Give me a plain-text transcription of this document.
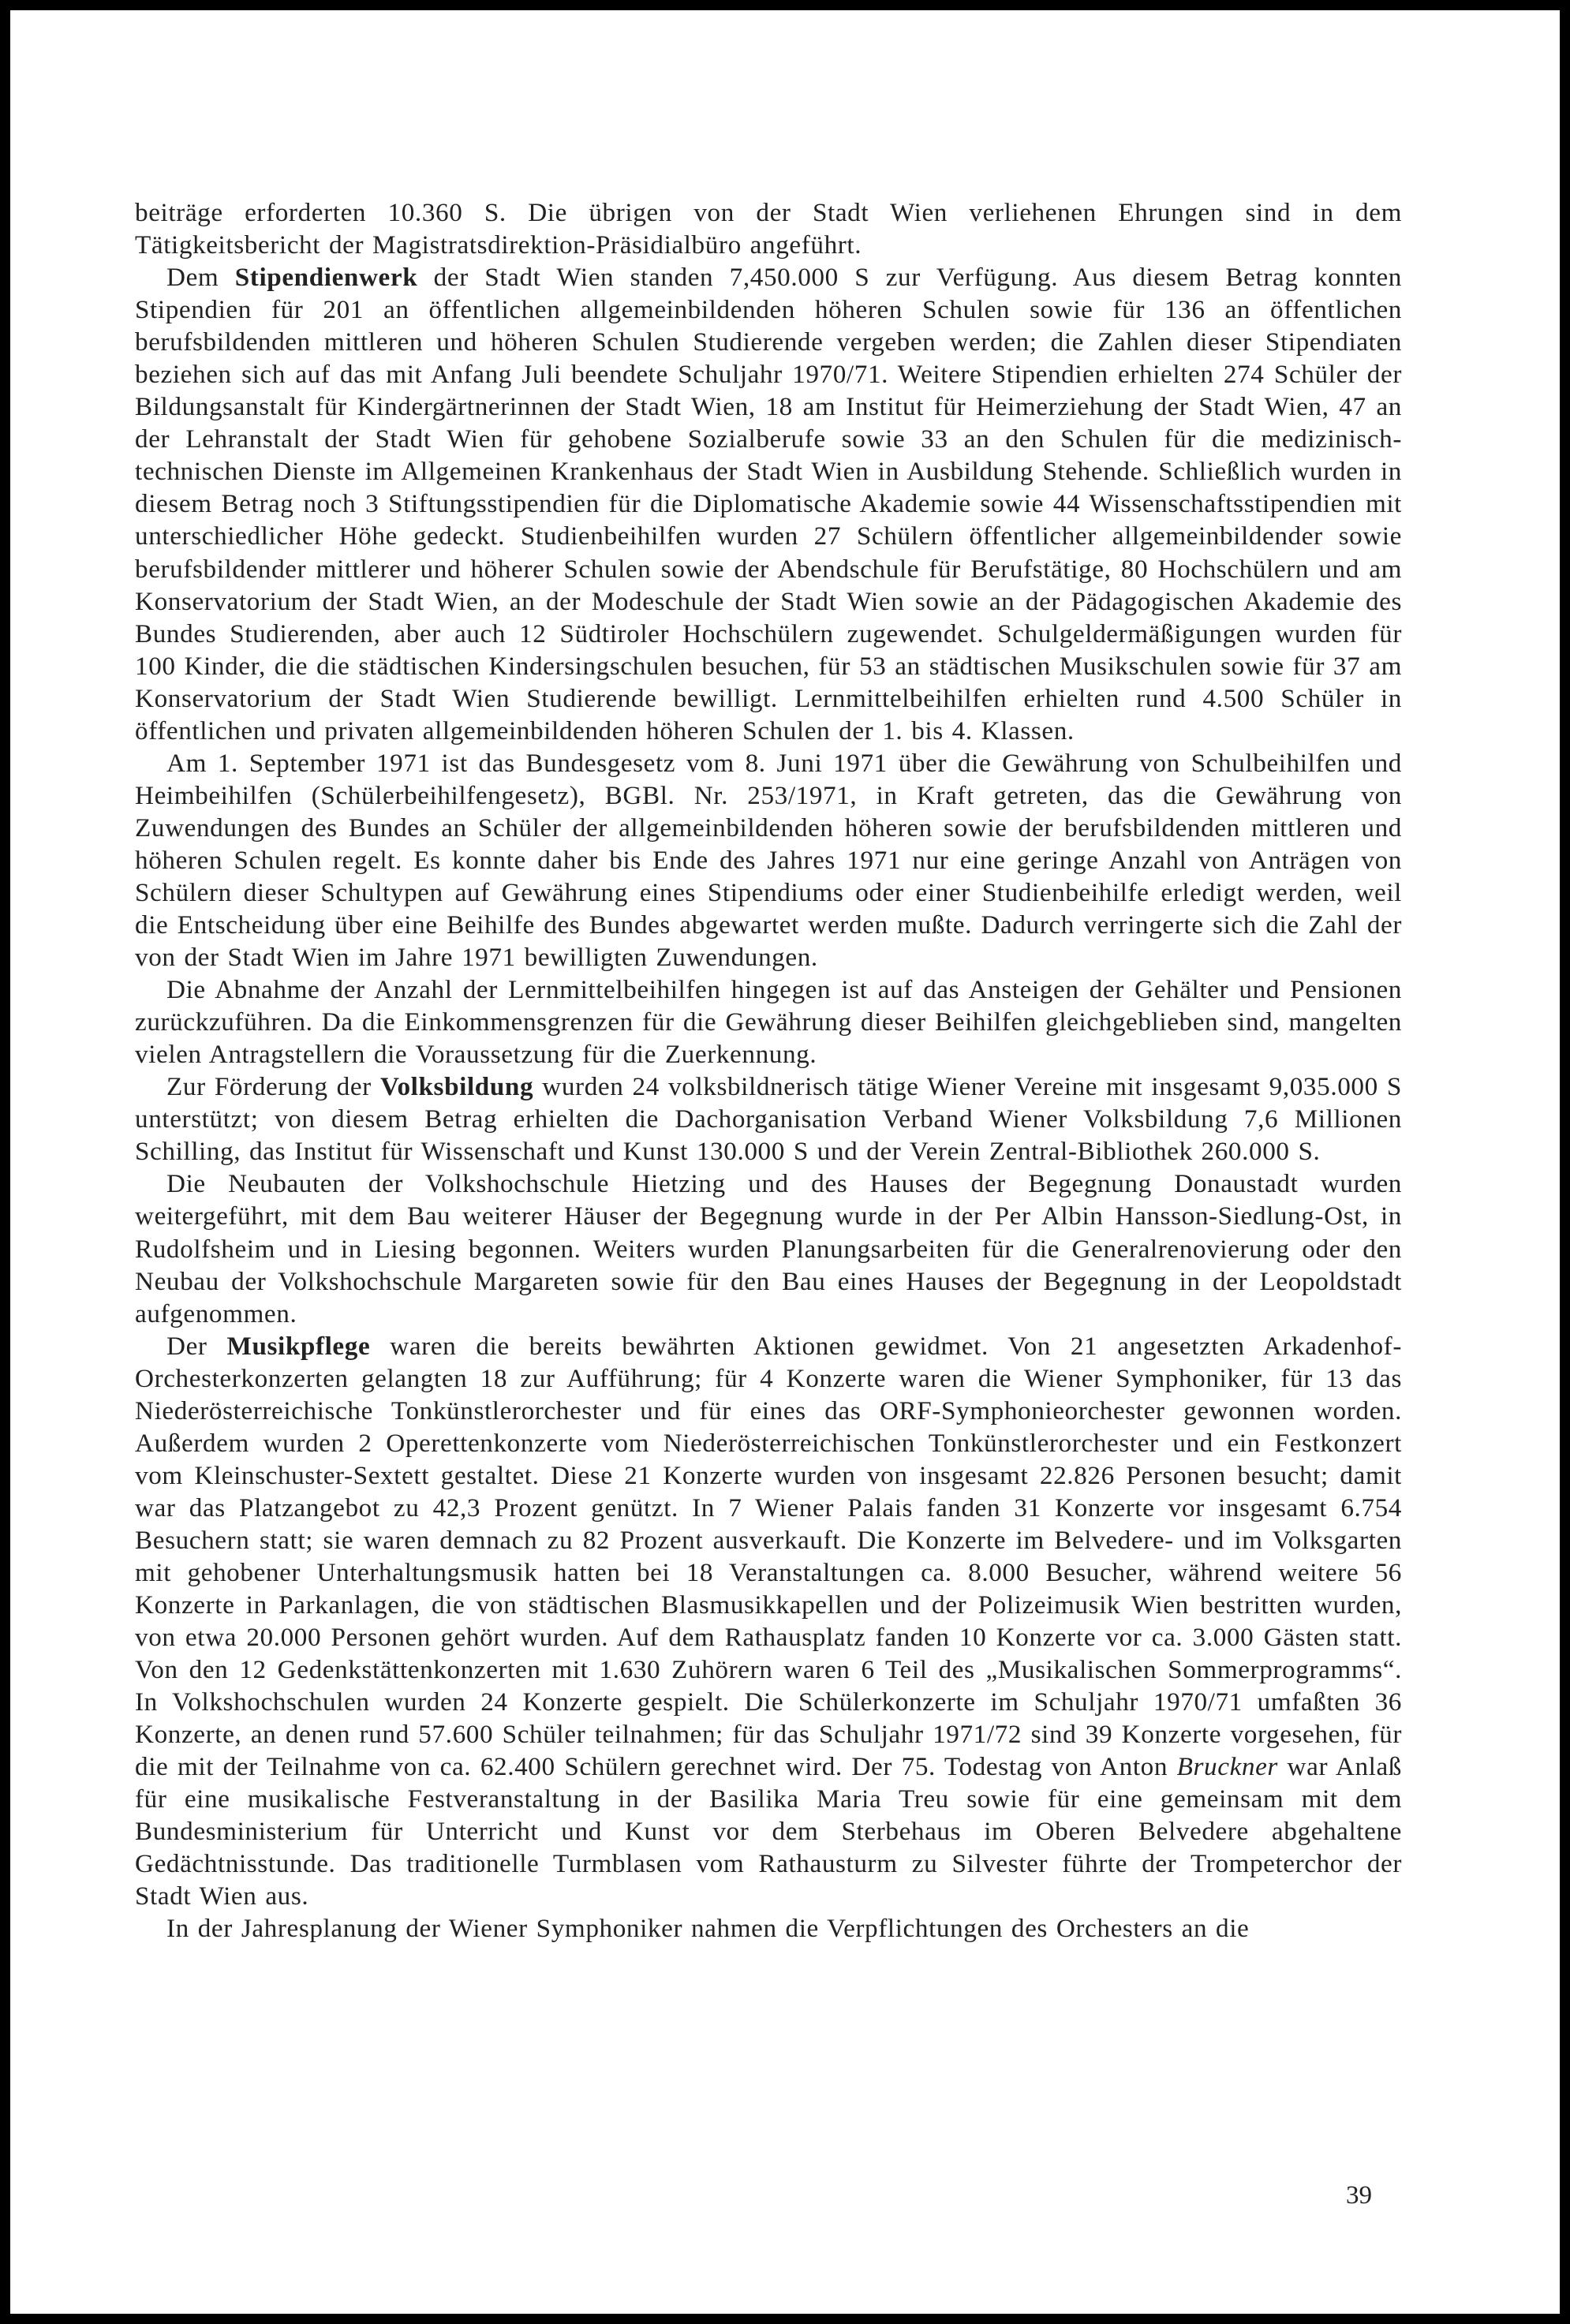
beiträge erforderten 10.360 S. Die übrigen von der Stadt Wien verliehenen Ehrungen sind in dem Tätigkeitsbericht der Magistratsdirektion-Präsidialbüro angeführt.

Dem Stipendienwerk der Stadt Wien standen 7,450.000 S zur Verfügung. Aus diesem Betrag konnten Stipendien für 201 an öffentlichen allgemeinbildenden höheren Schulen sowie für 136 an öffentlichen berufsbildenden mittleren und höheren Schulen Studierende vergeben werden; die Zahlen dieser Stipendiaten beziehen sich auf das mit Anfang Juli beendete Schuljahr 1970/71. Weitere Stipendien erhielten 274 Schüler der Bildungsanstalt für Kindergärtnerinnen der Stadt Wien, 18 am Institut für Heimerziehung der Stadt Wien, 47 an der Lehranstalt der Stadt Wien für gehobene Sozialberufe sowie 33 an den Schulen für die medizinisch-technischen Dienste im Allgemeinen Krankenhaus der Stadt Wien in Ausbildung Stehende. Schließlich wurden in diesem Betrag noch 3 Stiftungsstipendien für die Diplomatische Akademie sowie 44 Wissenschaftsstipendien mit unterschiedlicher Höhe gedeckt. Studienbeihilfen wurden 27 Schülern öffentlicher allgemeinbildender sowie berufsbildender mittlerer und höherer Schulen sowie der Abendschule für Berufstätige, 80 Hochschülern und am Konservatorium der Stadt Wien, an der Modeschule der Stadt Wien sowie an der Pädagogischen Akademie des Bundes Studierenden, aber auch 12 Südtiroler Hochschülern zugewendet. Schulgeldermäßigungen wurden für 100 Kinder, die die städtischen Kindersingschulen besuchen, für 53 an städtischen Musikschulen sowie für 37 am Konservatorium der Stadt Wien Studierende bewilligt. Lernmittelbeihilfen erhielten rund 4.500 Schüler in öffentlichen und privaten allgemeinbildenden höheren Schulen der 1. bis 4. Klassen.

Am 1. September 1971 ist das Bundesgesetz vom 8. Juni 1971 über die Gewährung von Schulbeihilfen und Heimbeihilfen (Schülerbeihilfengesetz), BGBl. Nr. 253/1971, in Kraft getreten, das die Gewährung von Zuwendungen des Bundes an Schüler der allgemeinbildenden höheren sowie der berufsbildenden mittleren und höheren Schulen regelt. Es konnte daher bis Ende des Jahres 1971 nur eine geringe Anzahl von Anträgen von Schülern dieser Schultypen auf Gewährung eines Stipendiums oder einer Studienbeihilfe erledigt werden, weil die Entscheidung über eine Beihilfe des Bundes abgewartet werden mußte. Dadurch verringerte sich die Zahl der von der Stadt Wien im Jahre 1971 bewilligten Zuwendungen.

Die Abnahme der Anzahl der Lernmittelbeihilfen hingegen ist auf das Ansteigen der Gehälter und Pensionen zurückzuführen. Da die Einkommensgrenzen für die Gewährung dieser Beihilfen gleichgeblieben sind, mangelten vielen Antragstellern die Voraussetzung für die Zuerkennung.

Zur Förderung der Volksbildung wurden 24 volksbildnerisch tätige Wiener Vereine mit insgesamt 9,035.000 S unterstützt; von diesem Betrag erhielten die Dachorganisation Verband Wiener Volksbildung 7,6 Millionen Schilling, das Institut für Wissenschaft und Kunst 130.000 S und der Verein Zentral-Bibliothek 260.000 S.

Die Neubauten der Volkshochschule Hietzing und des Hauses der Begegnung Donaustadt wurden weitergeführt, mit dem Bau weiterer Häuser der Begegnung wurde in der Per Albin Hansson-Siedlung-Ost, in Rudolfsheim und in Liesing begonnen. Weiters wurden Planungsarbeiten für die Generalrenovierung oder den Neubau der Volkshochschule Margareten sowie für den Bau eines Hauses der Begegnung in der Leopoldstadt aufgenommen.

Der Musikpflege waren die bereits bewährten Aktionen gewidmet. Von 21 angesetzten Arkadenhof-Orchesterkonzerten gelangten 18 zur Aufführung; für 4 Konzerte waren die Wiener Symphoniker, für 13 das Niederösterreichische Tonkünstlerorchester und für eines das ORF-Symphonieorchester gewonnen worden. Außerdem wurden 2 Operettenkonzerte vom Niederösterreichischen Tonkünstlerorchester und ein Festkonzert vom Kleinschuster-Sextett gestaltet. Diese 21 Konzerte wurden von insgesamt 22.826 Personen besucht; damit war das Platzangebot zu 42,3 Prozent genützt. In 7 Wiener Palais fanden 31 Konzerte vor insgesamt 6.754 Besuchern statt; sie waren demnach zu 82 Prozent ausverkauft. Die Konzerte im Belvedere- und im Volksgarten mit gehobener Unterhaltungsmusik hatten bei 18 Veranstaltungen ca. 8.000 Besucher, während weitere 56 Konzerte in Parkanlagen, die von städtischen Blasmusikkapellen und der Polizeimusik Wien bestritten wurden, von etwa 20.000 Personen gehört wurden. Auf dem Rathausplatz fanden 10 Konzerte vor ca. 3.000 Gästen statt. Von den 12 Gedenkstättenkonzerten mit 1.630 Zuhörern waren 6 Teil des „Musikalischen Sommerprogramms“. In Volkshochschulen wurden 24 Konzerte gespielt. Die Schülerkonzerte im Schuljahr 1970/71 umfaßten 36 Konzerte, an denen rund 57.600 Schüler teilnahmen; für das Schuljahr 1971/72 sind 39 Konzerte vorgesehen, für die mit der Teilnahme von ca. 62.400 Schülern gerechnet wird. Der 75. Todestag von Anton Bruckner war Anlaß für eine musikalische Festveranstaltung in der Basilika Maria Treu sowie für eine gemeinsam mit dem Bundesministerium für Unterricht und Kunst vor dem Sterbehaus im Oberen Belvedere abgehaltene Gedächtnisstunde. Das traditionelle Turmblasen vom Rathausturm zu Silvester führte der Trompeterchor der Stadt Wien aus.

In der Jahresplanung der Wiener Symphoniker nahmen die Verpflichtungen des Orchesters an die

39
